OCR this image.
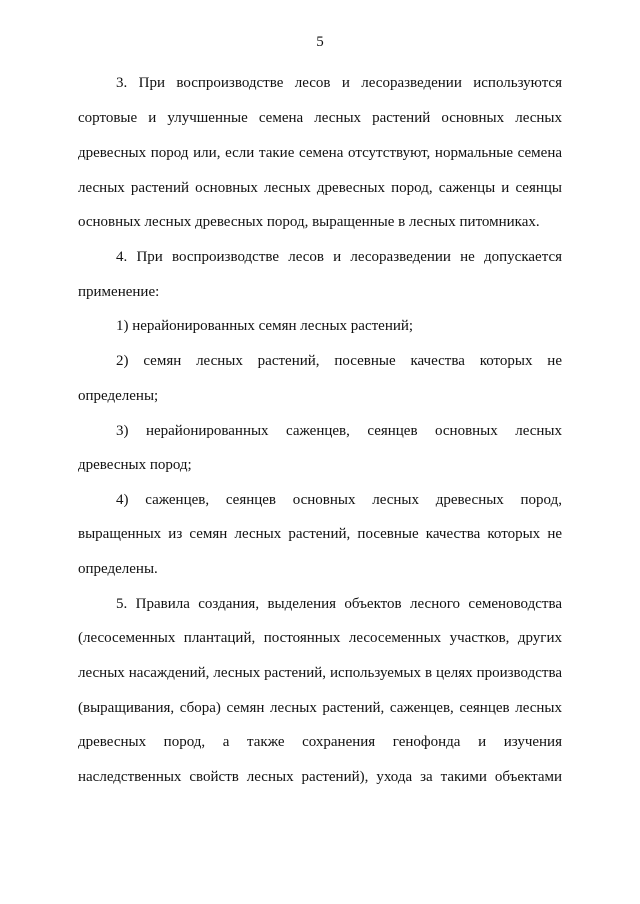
5
3. При воспроизводстве лесов и лесоразведении используются
сортовые и улучшенные семена лесных растений основных лесных
древесных пород или, если такие семена отсутствуют, нормальные семена
лесных растений основных лесных древесных пород, саженцы и сеянцы
основных лесных древесных пород, выращенные в лесных питомниках.
4. При воспроизводстве лесов и лесоразведении не допускается
применение:
1) нерайонированных семян лесных растений;
2) семян лесных растений, посевные качества которых не
определены;
3) нерайонированных саженцев, сеянцев основных лесных
древесных пород;
4) саженцев, сеянцев основных лесных древесных пород,
выращенных из семян лесных растений, посевные качества которых не
определены.
5. Правила создания, выделения объектов лесного семеноводства
(лесосеменных плантаций, постоянных лесосеменных участков, других
лесных насаждений, лесных растений, используемых в целях производства
(выращивания, сбора) семян лесных растений, саженцев, сеянцев лесных
древесных пород, а также сохранения генофонда и изучения
наследственных свойств лесных растений), ухода за такими объектами
